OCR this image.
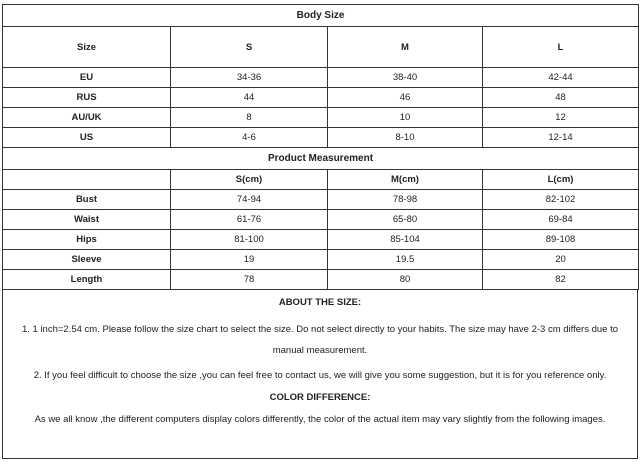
Body Size			
Size	S	M	L
EU	34-36	38-40	42-44
RUS	44	46	48
AU/UK	8	10	12
US	4-6	8-10	12-14
Product Measurement			
	S(cm)	M(cm)	L(cm)
Bust	74-94	78-98	82-102
Waist	61-76	65-80	69-84
Hips	81-100	85-104	89-108
Sleeve	19	19.5	20
Length	78	80	82
ABOUT THE SIZE:
1. 1 inch=2.54 cm. Please follow the size chart to select the size. Do not select directly to your habits. The size may have 2-3 cm differs due to manual measurement.
2. If you feel difficult to choose the size ,you can feel free to contact us, we will give you some suggestion, but it is for you reference only.
COLOR DIFFERENCE:
As we all know ,the different computers display colors differently, the color of the actual item may vary slightly from the following images.
